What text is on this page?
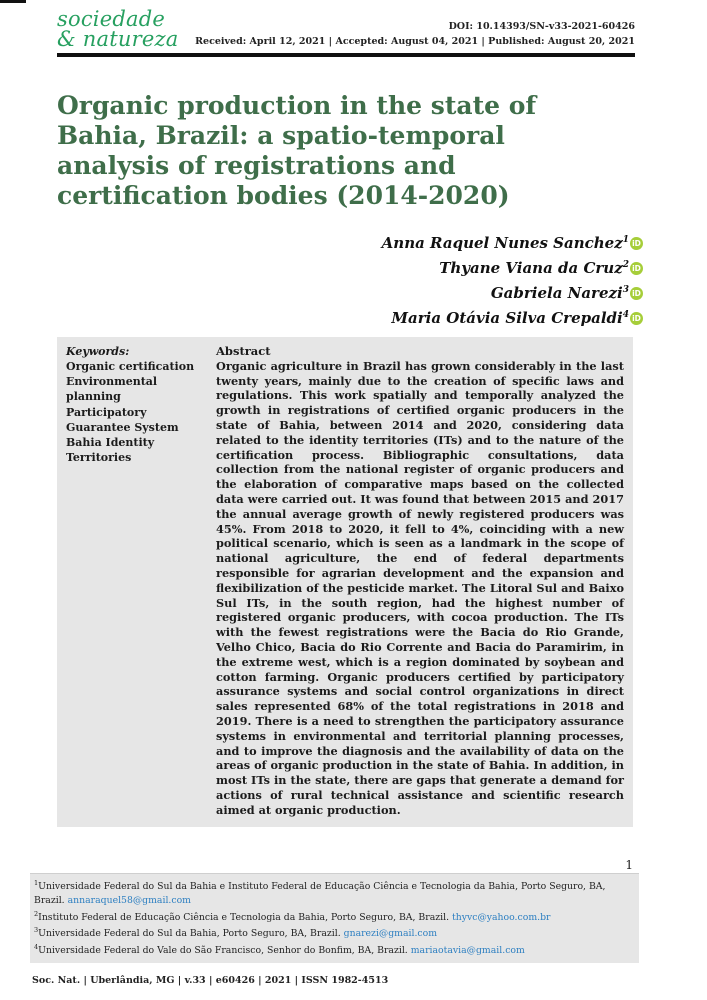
sociedade
& natureza	DOI: 10.14393/SN-v33-2021-60426
Received: April 12, 2021 | Accepted: August 04, 2021 | Published: August 20, 2021
Organic production in the state of Bahia, Brazil: a spatio-temporal analysis of registrations and certification bodies (2014-2020)
Anna Raquel Nunes Sanchez$^1$ iD
Thyane Viana da Cruz$^2$ iD
Gabriela Narezi$^3$ iD
Maria Otávia Silva Crepaldi$^4$ iD
Keywords:
Organic certification
Environmental planning
Participatory Guarantee System
Bahia Identity Territories
Abstract

Organic agriculture in Brazil has grown considerably in the last twenty years, mainly due to the creation of specific laws and regulations. This work spatially and temporally analyzed the growth in registrations of certified organic producers in the state of Bahia, between 2014 and 2020, considering data related to the identity territories (ITs) and to the nature of the certification process. Bibliographic consultations, data collection from the national register of organic producers and the elaboration of comparative maps based on the collected data were carried out. It was found that between 2015 and 2017 the annual average growth of newly registered producers was 45%. From 2018 to 2020, it fell to 4%, coinciding with a new political scenario, which is seen as a landmark in the scope of national agriculture, the end of federal departments responsible for agrarian development and the expansion and flexibilization of the pesticide market. The Litoral Sul and Baixo Sul ITs, in the south region, had the highest number of registered organic producers, with cocoa production. The ITs with the fewest registrations were the Bacia do Rio Grande, Velho Chico, Bacia do Rio Corrente and Bacia do Paramirim, in the extreme west, which is a region dominated by soybean and cotton farming. Organic producers certified by participatory assurance systems and social control organizations in direct sales represented 68% of the total registrations in 2018 and 2019. There is a need to strengthen the participatory assurance systems in environmental and territorial planning processes, and to improve the diagnosis and the availability of data on the areas of organic production in the state of Bahia. In addition, in most ITs in the state, there are gaps that generate a demand for actions of rural technical assistance and scientific research aimed at organic production.

1
$^1$Universidade Federal do Sul da Bahia e Instituto Federal de Educação Ciência e Tecnologia da Bahia, Porto Seguro, BA, Brazil. annaraquel58@gmail.com
$^2$Instituto Federal de Educação Ciência e Tecnologia da Bahia, Porto Seguro, BA, Brazil. thyvc@yahoo.com.br
$^3$Universidade Federal do Sul da Bahia, Porto Seguro, BA, Brazil. gnarezi@gmail.com
$^4$Universidade Federal do Vale do São Francisco, Senhor do Bonfim, BA, Brazil. mariaotavia@gmail.com
Soc. Nat. | Uberlândia, MG | v.33 | e60426 | 2021 | ISSN 1982-4513
